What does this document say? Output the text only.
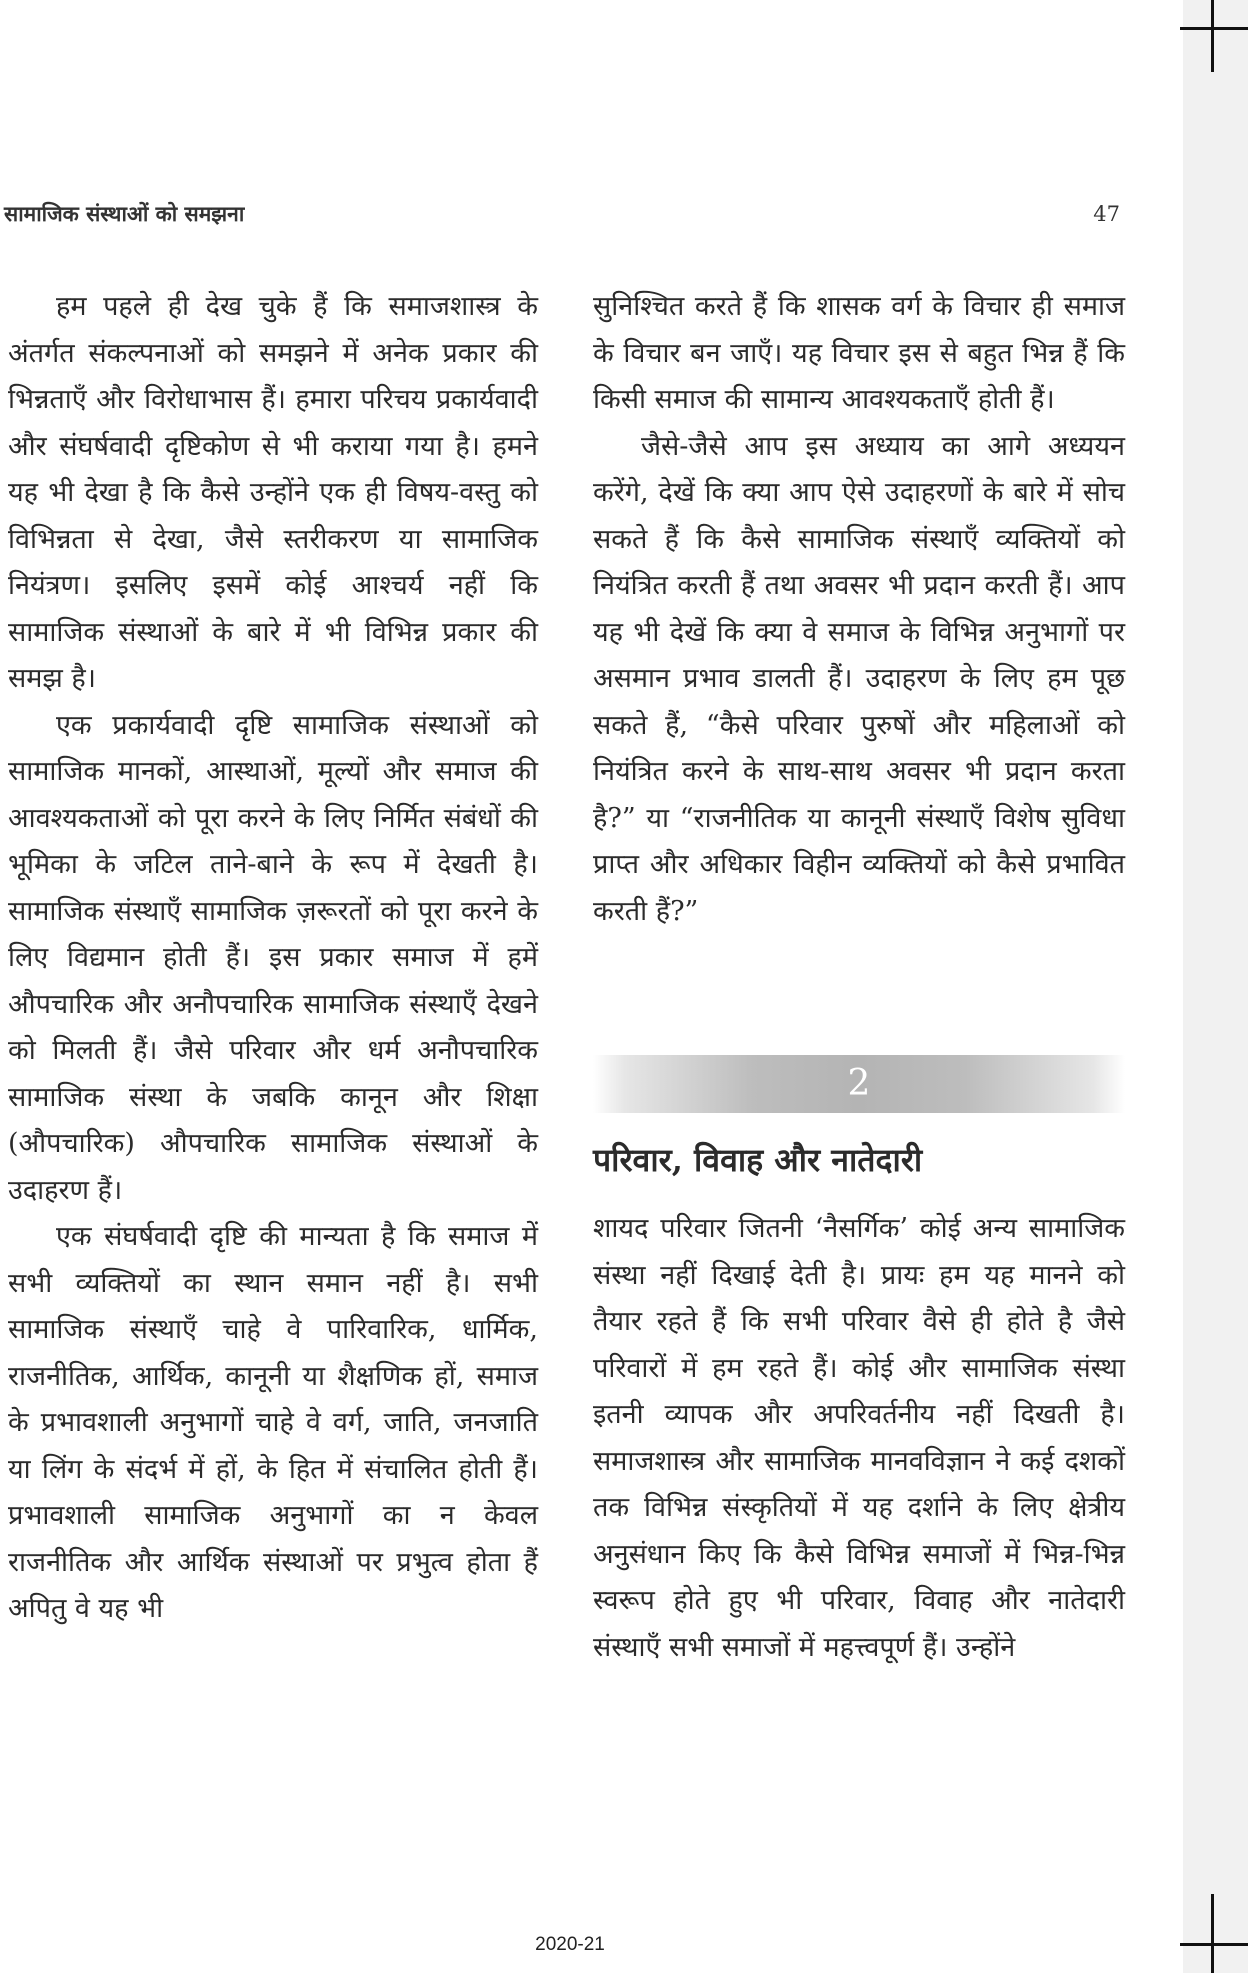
सामाजिक संस्थाओं को समझना	47

हम पहले ही देख चुके हैं कि समाजशास्त्र के अंतर्गत संकल्पनाओं को समझने में अनेक प्रकार की भिन्नताएँ और विरोधाभास हैं। हमारा परिचय प्रकार्यवादी और संघर्षवादी दृष्टिकोण से भी कराया गया है। हमने यह भी देखा है कि कैसे उन्होंने एक ही विषय-वस्तु को विभिन्नता से देखा, जैसे स्तरीकरण या सामाजिक नियंत्रण। इसलिए इसमें कोई आश्चर्य नहीं कि सामाजिक संस्थाओं के बारे में भी विभिन्न प्रकार की समझ है।

एक प्रकार्यवादी दृष्टि सामाजिक संस्थाओं को सामाजिक मानकों, आस्थाओं, मूल्यों और समाज की आवश्यकताओं को पूरा करने के लिए निर्मित संबंधों की भूमिका के जटिल ताने-बाने के रूप में देखती है। सामाजिक संस्थाएँ सामाजिक ज़रूरतों को पूरा करने के लिए विद्यमान होती हैं। इस प्रकार समाज में हमें औपचारिक और अनौपचारिक सामाजिक संस्थाएँ देखने को मिलती हैं। जैसे परिवार और धर्म अनौपचारिक सामाजिक संस्था के जबकि कानून और शिक्षा (औपचारिक) औपचारिक सामाजिक संस्थाओं के उदाहरण हैं।

एक संघर्षवादी दृष्टि की मान्यता है कि समाज में सभी व्यक्तियों का स्थान समान नहीं है। सभी सामाजिक संस्थाएँ चाहे वे पारिवारिक, धार्मिक, राजनीतिक, आर्थिक, कानूनी या शैक्षणिक हों, समाज के प्रभावशाली अनुभागों चाहे वे वर्ग, जाति, जनजाति या लिंग के संदर्भ में हों, के हित में संचालित होती हैं। प्रभावशाली सामाजिक अनुभागों का न केवल राजनीतिक और आर्थिक संस्थाओं पर प्रभुत्व होता हैं अपितु वे यह भी

सुनिश्चित करते हैं कि शासक वर्ग के विचार ही समाज के विचार बन जाएँ। यह विचार इस से बहुत भिन्न हैं कि किसी समाज की सामान्य आवश्यकताएँ होती हैं।

जैसे-जैसे आप इस अध्याय का आगे अध्ययन करेंगे, देखें कि क्या आप ऐसे उदाहरणों के बारे में सोच सकते हैं कि कैसे सामाजिक संस्थाएँ व्यक्तियों को नियंत्रित करती हैं तथा अवसर भी प्रदान करती हैं। आप यह भी देखें कि क्या वे समाज के विभिन्न अनुभागों पर असमान प्रभाव डालती हैं। उदाहरण के लिए हम पूछ सकते हैं, “कैसे परिवार पुरुषों और महिलाओं को नियंत्रित करने के साथ-साथ अवसर भी प्रदान करता है?” या “राजनीतिक या कानूनी संस्थाएँ विशेष सुविधा प्राप्त और अधिकार विहीन व्यक्तियों को कैसे प्रभावित करती हैं?”

2
परिवार, विवाह और नातेदारी

शायद परिवार जितनी ‘नैसर्गिक’ कोई अन्य सामाजिक संस्था नहीं दिखाई देती है। प्रायः हम यह मानने को तैयार रहते हैं कि सभी परिवार वैसे ही होते है जैसे परिवारों में हम रहते हैं। कोई और सामाजिक संस्था इतनी व्यापक और अपरिवर्तनीय नहीं दिखती है। समाजशास्त्र और सामाजिक मानवविज्ञान ने कई दशकों तक विभिन्न संस्कृतियों में यह दर्शाने के लिए क्षेत्रीय अनुसंधान किए कि कैसे विभिन्न समाजों में भिन्न-भिन्न स्वरूप होते हुए भी परिवार, विवाह और नातेदारी संस्थाएँ सभी समाजों में महत्त्वपूर्ण हैं। उन्होंने

2020-21
